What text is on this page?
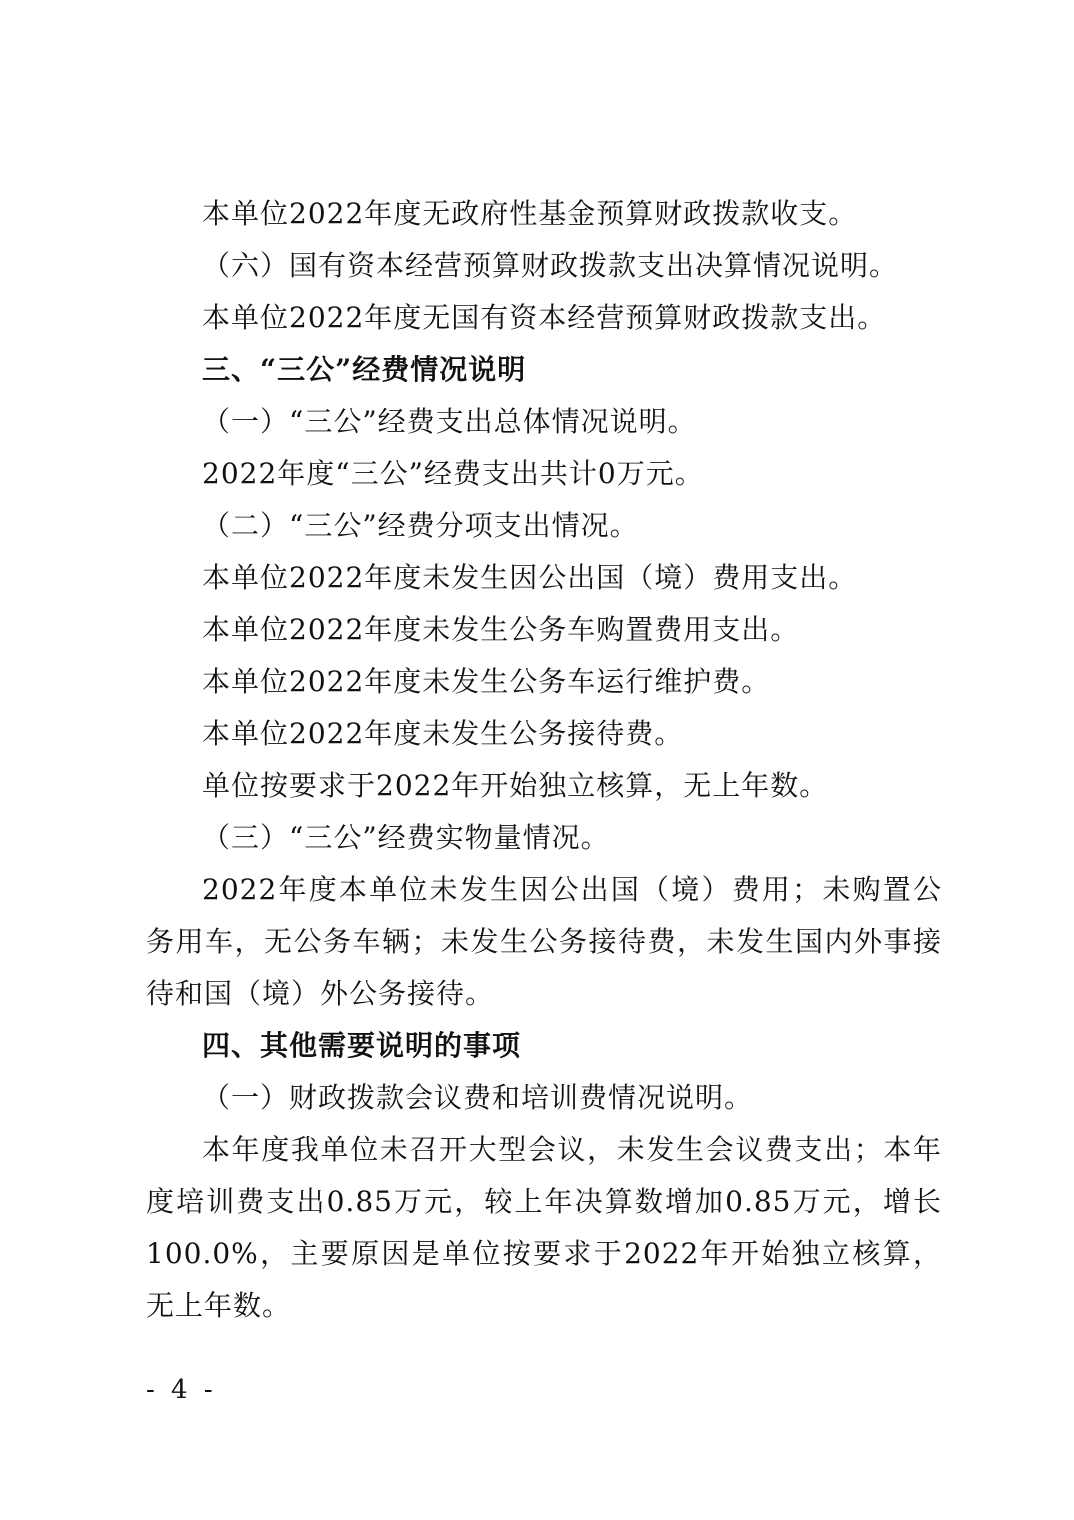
本单位2022年度无政府性基金预算财政拨款收支。

（六）国有资本经营预算财政拨款支出决算情况说明。

本单位2022年度无国有资本经营预算财政拨款支出。

三、“三公”经费情况说明

（一）“三公”经费支出总体情况说明。

2022年度“三公”经费支出共计0万元。

（二）“三公”经费分项支出情况。

本单位2022年度未发生因公出国（境）费用支出。

本单位2022年度未发生公务车购置费用支出。

本单位2022年度未发生公务车运行维护费。

本单位2022年度未发生公务接待费。

单位按要求于2022年开始独立核算，无上年数。

（三）“三公”经费实物量情况。

2022年度本单位未发生因公出国（境）费用；未购置公务用车，无公务车辆；未发生公务接待费，未发生国内外事接待和国（境）外公务接待。

四、其他需要说明的事项

（一）财政拨款会议费和培训费情况说明。

本年度我单位未召开大型会议，未发生会议费支出；本年度培训费支出0.85万元，较上年决算数增加0.85万元，增长100.0%，主要原因是单位按要求于2022年开始独立核算，无上年数。

- 4 -
